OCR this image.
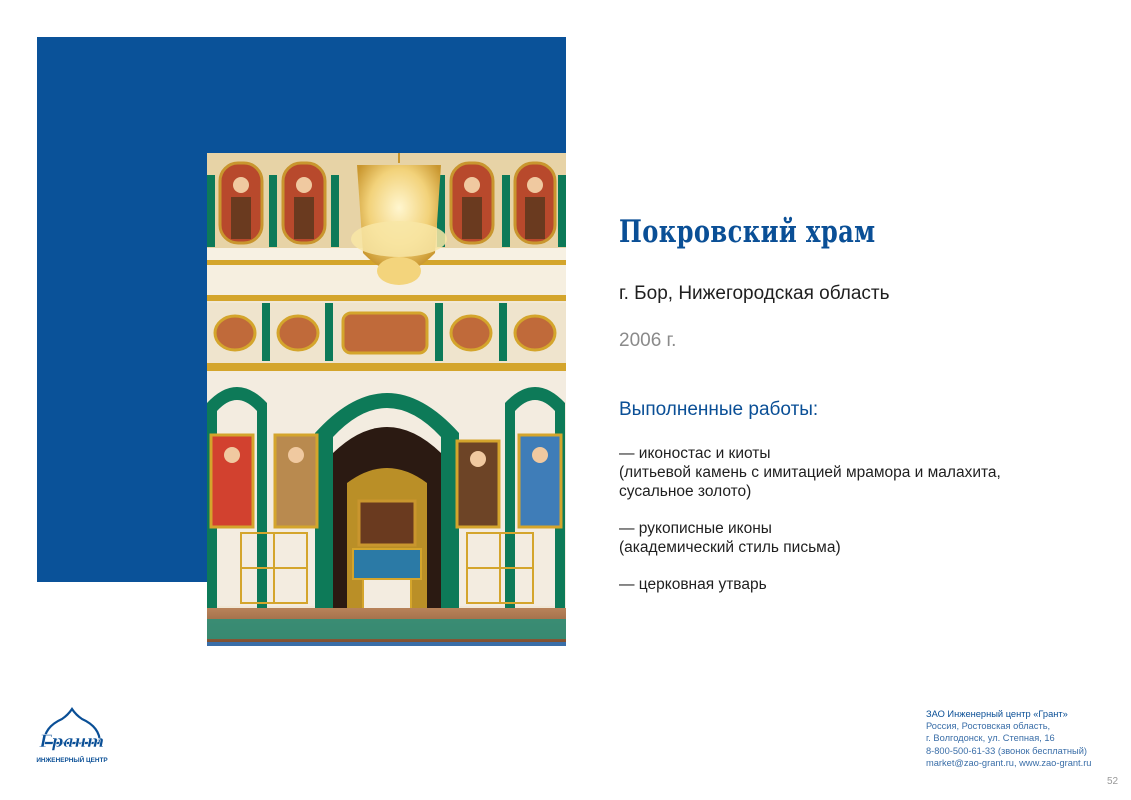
Покровский храм
г. Бор, Нижегородская область
2006 г.
Выполненные работы:
— иконостас и киоты
(литьевой камень с имитацией мрамора и малахита,
сусальное золото)
— рукописные иконы
(академический стиль письма)
— церковная утварь
Грант
ИНЖЕНЕРНЫЙ ЦЕНТР
ЗАО Инженерный центр «Грант»
Россия, Ростовская область,
г. Волгодонск, ул. Степная, 16
8-800-500-61-33 (звонок бесплатный)
market@zao-grant.ru, www.zao-grant.ru
52
